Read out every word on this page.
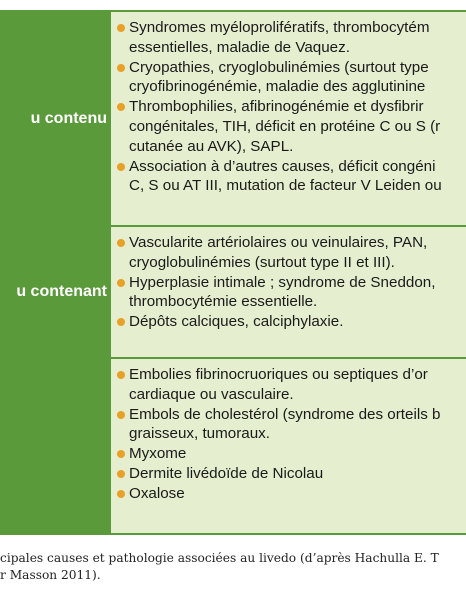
u contenu
Syndromes myéloprolifératifs, thrombocytém
essentielles, maladie de Vaquez.
Cryopathies, cryoglobulinémies (surtout type
cryofibrinogénémie, maladie des agglutinine
Thrombophilies, afibrinogénémie et dysfibrir
congénitales, TIH, déficit en protéine C ou S (r
cutanée au AVK), SAPL.
Association à d’autres causes, déficit congéni
C, S ou AT III, mutation de facteur V Leiden ou
u contenant
Vascularite artériolaires ou veinulaires, PAN,
cryoglobulinémies (surtout type II et III).
Hyperplasie intimale ; syndrome de Sneddon,
thrombocytémie essentielle.
Dépôts calciques, calciphylaxie.
Embolies fibrinocruoriques ou septiques d’or
cardiaque ou vasculaire.
Embols de cholestérol (syndrome des orteils b
graisseux, tumoraux.
Myxome
Dermite livédoïde de Nicolau
Oxalose
cipales causes et pathologie associées au livedo (d’après Hachulla E. T
r Masson 2011).
